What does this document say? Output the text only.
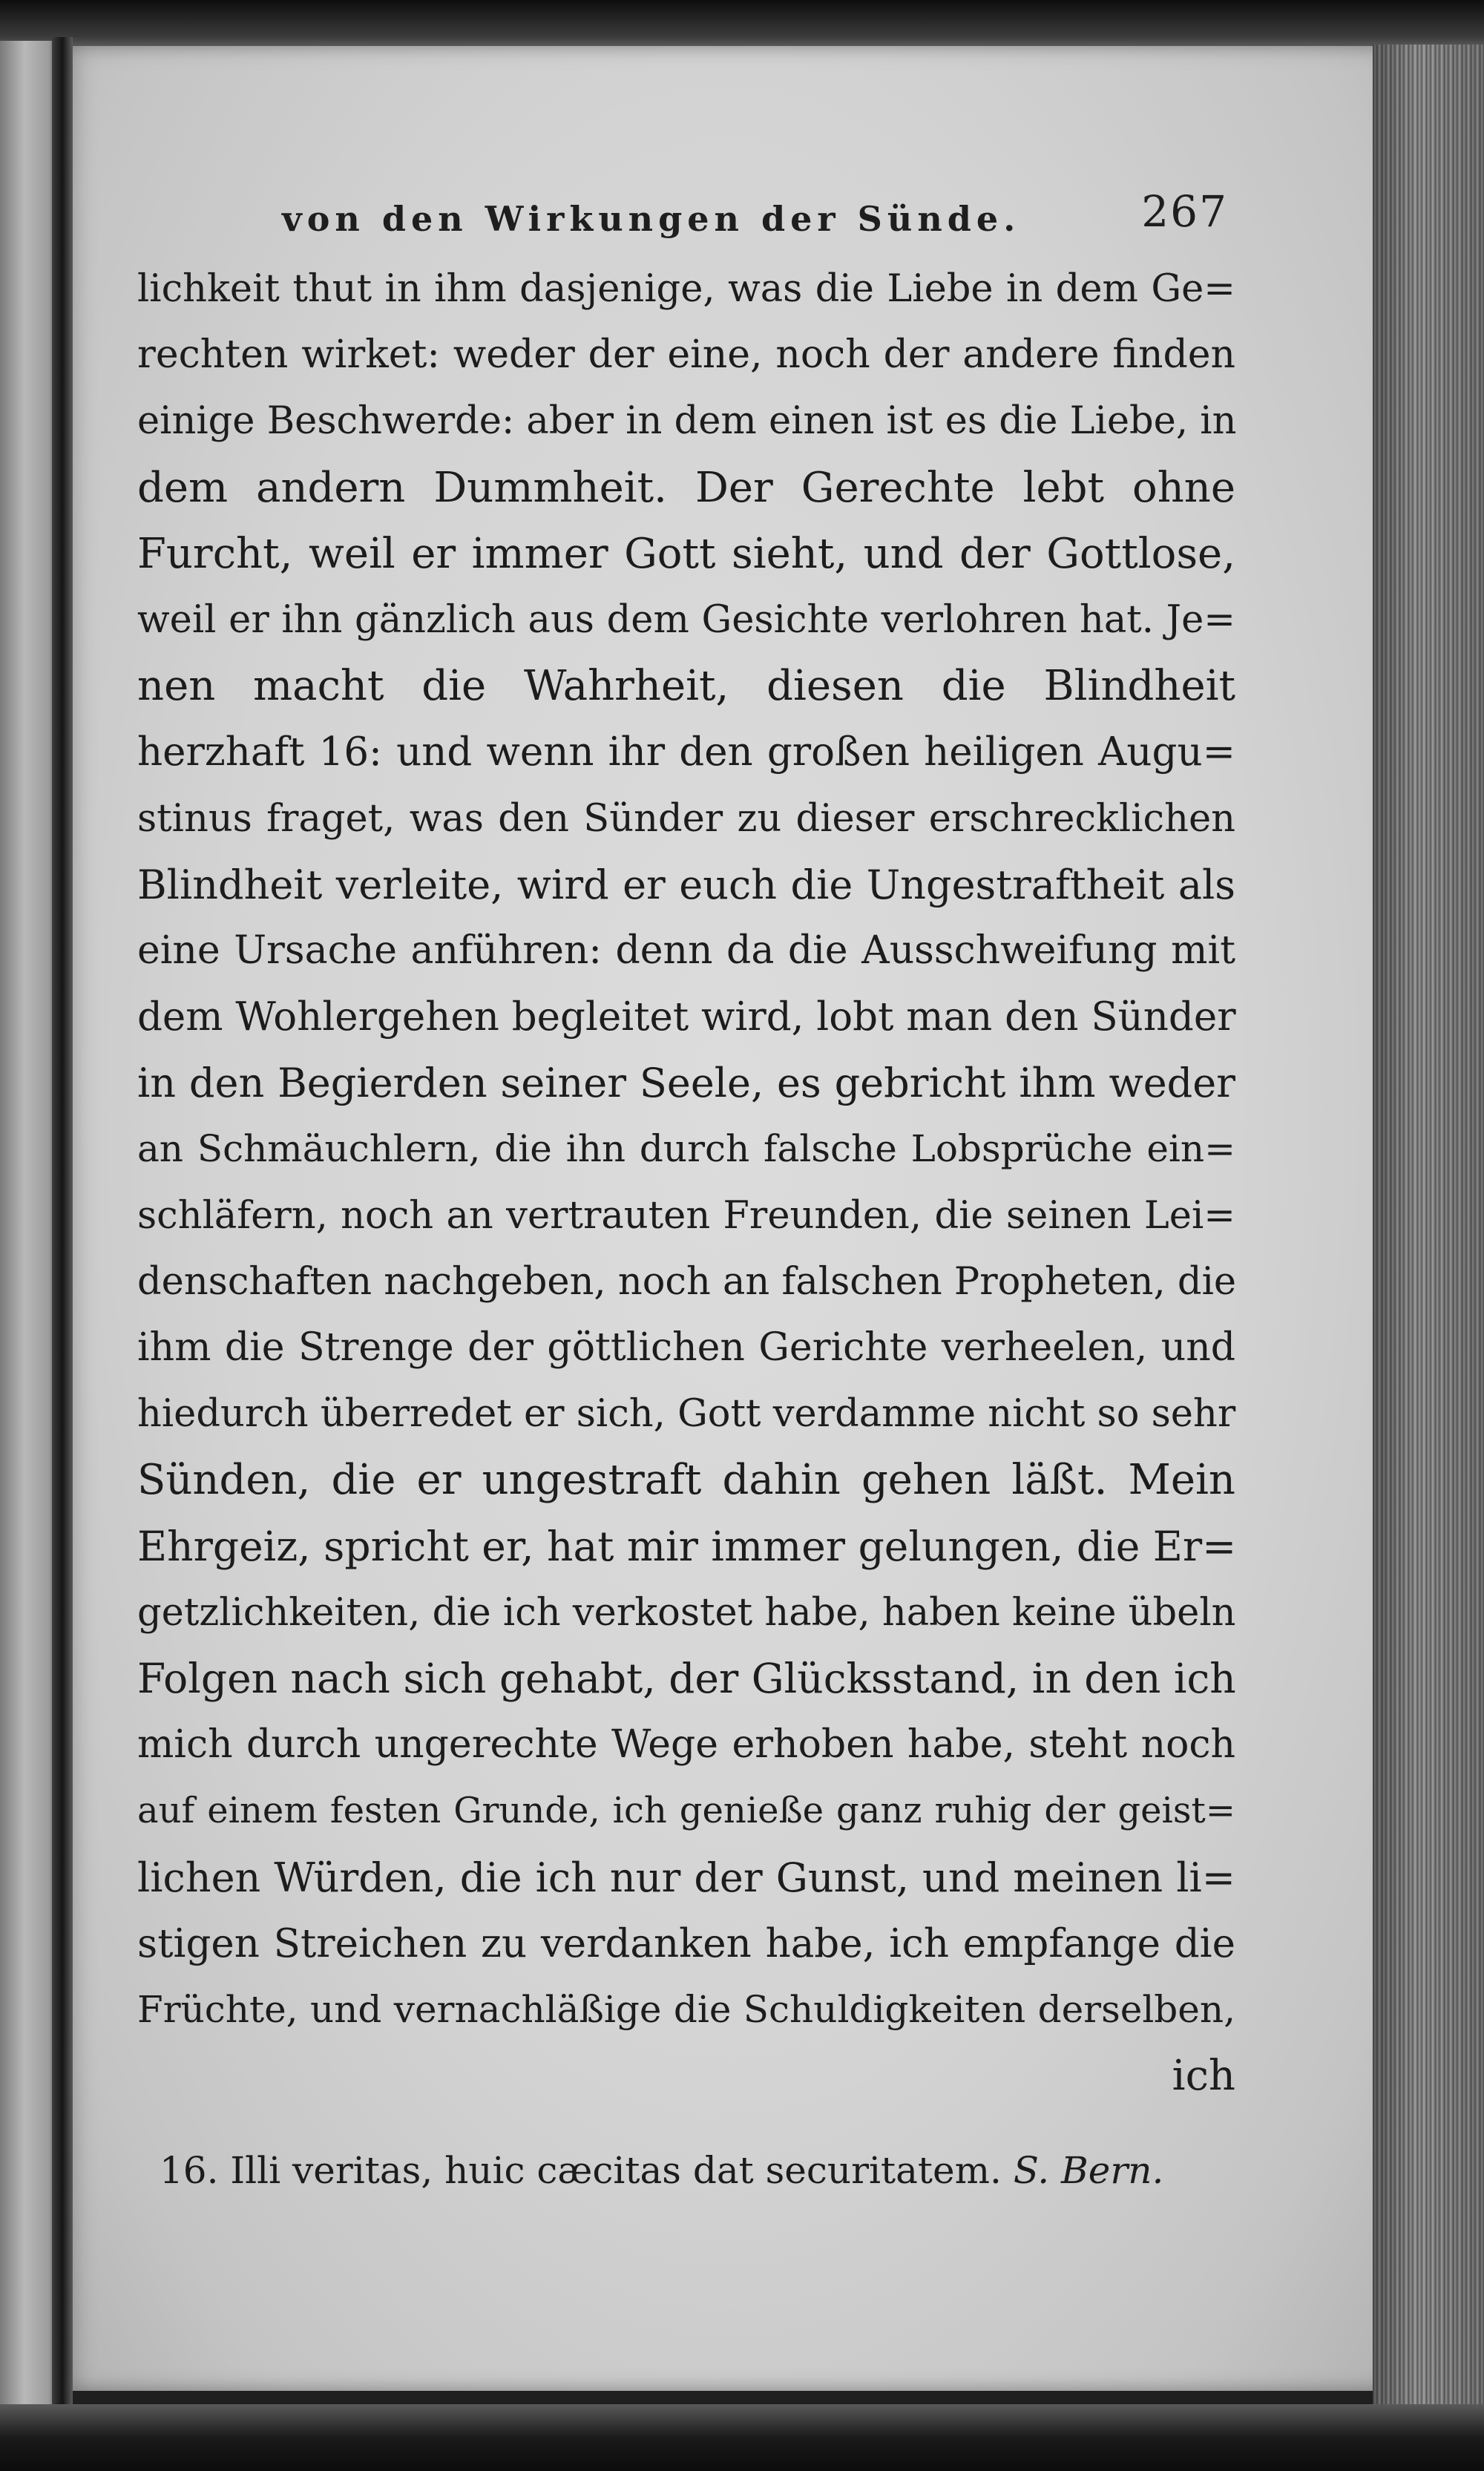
von den Wirkungen der Sünde.	267
lichkeit thut in ihm dasjenige, was die Liebe in dem Ge=
rechten wirket: weder der eine, noch der andere finden
einige Beschwerde: aber in dem einen ist es die Liebe, in
dem andern Dummheit. Der Gerechte lebt ohne
Furcht, weil er immer Gott sieht, und der Gottlose,
weil er ihn gänzlich aus dem Gesichte verlohren hat. Je=
nen macht die Wahrheit, diesen die Blindheit
herzhaft 16: und wenn ihr den großen heiligen Augu=
stinus fraget, was den Sünder zu dieser erschrecklichen
Blindheit verleite, wird er euch die Ungestraftheit als
eine Ursache anführen: denn da die Ausschweifung mit
dem Wohlergehen begleitet wird, lobt man den Sünder
in den Begierden seiner Seele, es gebricht ihm weder
an Schmäuchlern, die ihn durch falsche Lobsprüche ein=
schläfern, noch an vertrauten Freunden, die seinen Lei=
denschaften nachgeben, noch an falschen Propheten, die
ihm die Strenge der göttlichen Gerichte verheelen, und
hiedurch überredet er sich, Gott verdamme nicht so sehr
Sünden, die er ungestraft dahin gehen läßt. Mein
Ehrgeiz, spricht er, hat mir immer gelungen, die Er=
getzlichkeiten, die ich verkostet habe, haben keine übeln
Folgen nach sich gehabt, der Glücksstand, in den ich
mich durch ungerechte Wege erhoben habe, steht noch
auf einem festen Grunde, ich genieße ganz ruhig der geist=
lichen Würden, die ich nur der Gunst, und meinen li=
stigen Streichen zu verdanken habe, ich empfange die
Früchte, und vernachläßige die Schuldigkeiten derselben,
ich
16. Illi veritas, huic cæcitas dat securitatem. S. Bern.
